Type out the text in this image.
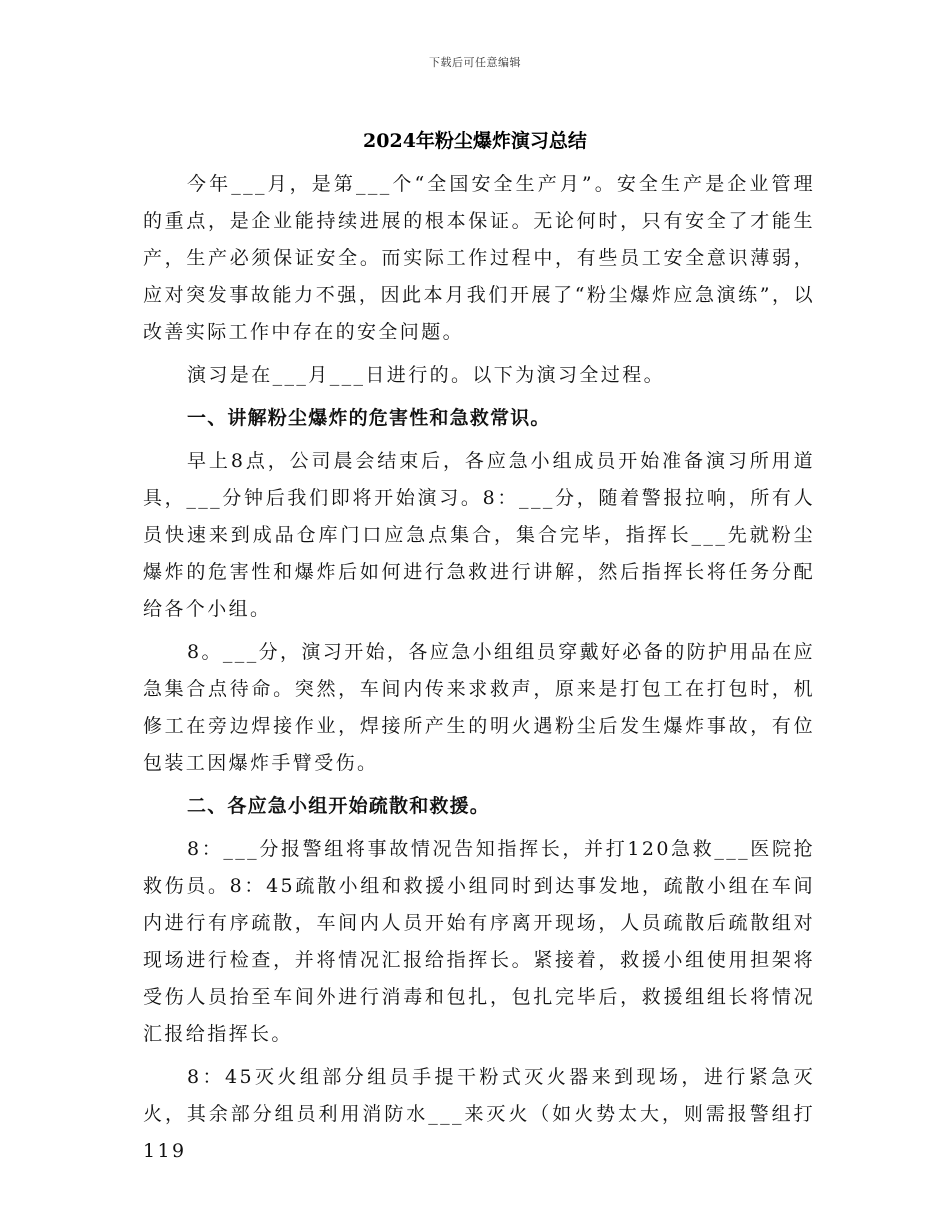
下载后可任意编辑
2024年粉尘爆炸演习总结

今年___月，是第___个“全国安全生产月”。安全生产是企业管理的重点，是企业能持续进展的根本保证。无论何时，只有安全了才能生产，生产必须保证安全。而实际工作过程中，有些员工安全意识薄弱，应对突发事故能力不强，因此本月我们开展了“粉尘爆炸应急演练”，以改善实际工作中存在的安全问题。

演习是在___月___日进行的。以下为演习全过程。

一、讲解粉尘爆炸的危害性和急救常识。

早上8点，公司晨会结束后，各应急小组成员开始准备演习所用道具，___分钟后我们即将开始演习。8：___分，随着警报拉响，所有人员快速来到成品仓库门口应急点集合，集合完毕，指挥长___先就粉尘爆炸的危害性和爆炸后如何进行急救进行讲解，然后指挥长将任务分配给各个小组。

8。___分，演习开始，各应急小组组员穿戴好必备的防护用品在应急集合点待命。突然，车间内传来求救声，原来是打包工在打包时，机修工在旁边焊接作业，焊接所产生的明火遇粉尘后发生爆炸事故，有位包装工因爆炸手臂受伤。

二、各应急小组开始疏散和救援。

8：___分报警组将事故情况告知指挥长，并打120急救___医院抢救伤员。8：45疏散小组和救援小组同时到达事发地，疏散小组在车间内进行有序疏散，车间内人员开始有序离开现场，人员疏散后疏散组对现场进行检查，并将情况汇报给指挥长。紧接着，救援小组使用担架将受伤人员抬至车间外进行消毒和包扎，包扎完毕后，救援组组长将情况汇报给指挥长。

8：45灭火组部分组员手提干粉式灭火器来到现场，进行紧急灭火，其余部分组员利用消防水___来灭火（如火势太大，则需报警组打119
